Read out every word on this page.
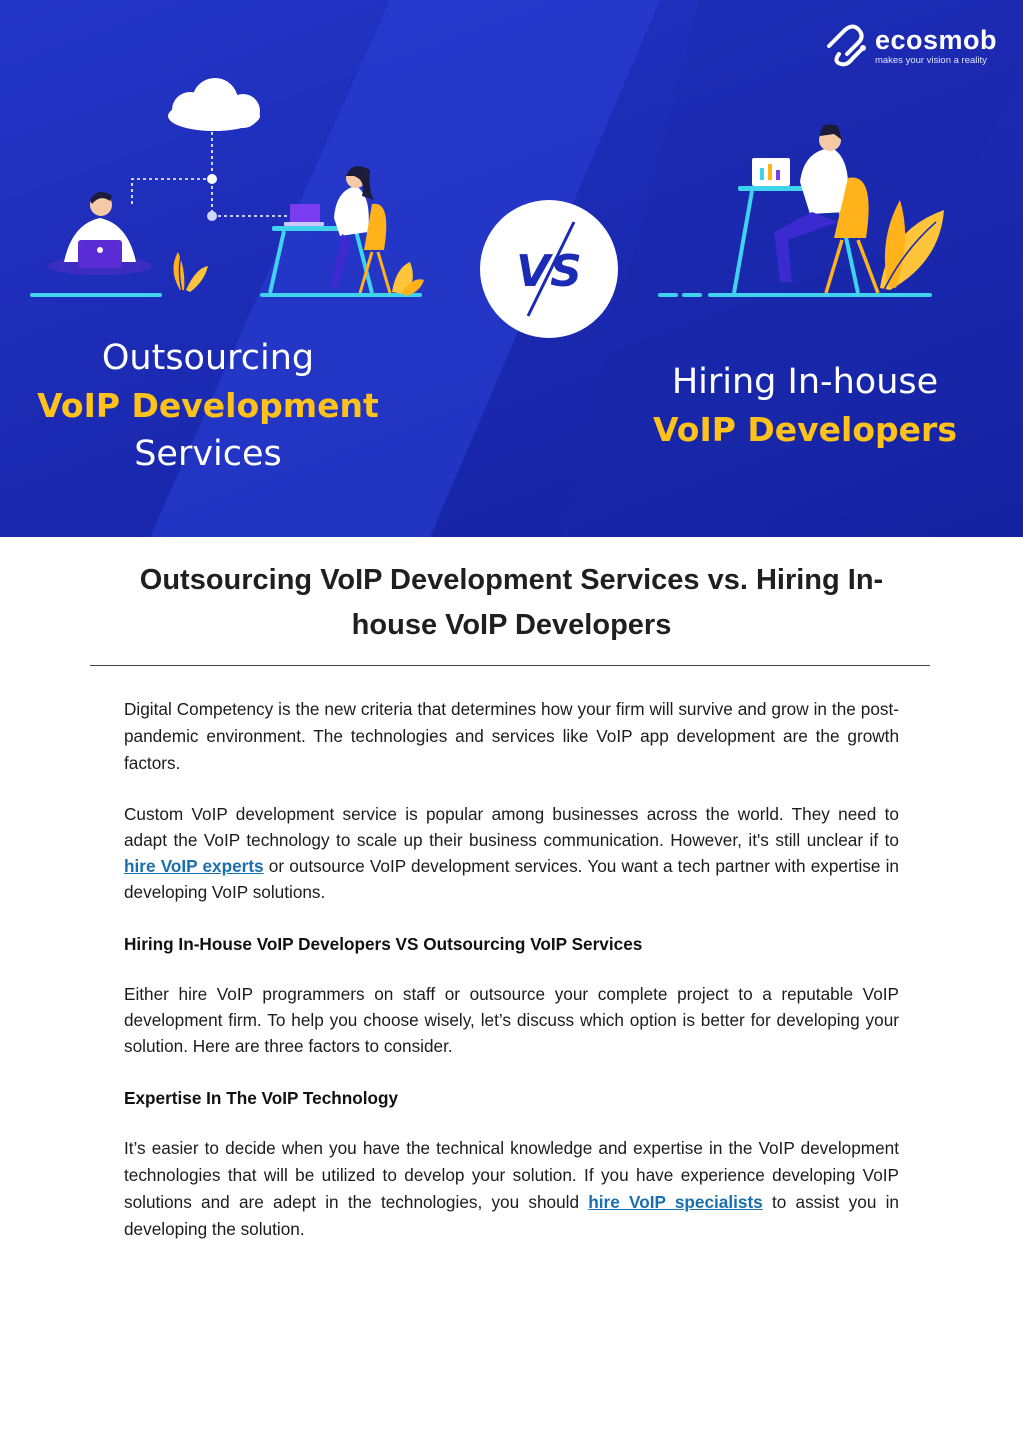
ecosmob
makes your vision a reality
Outsourcing
VoIP Development
Services
Hiring In-house
VoIP Developers
VS
Outsourcing VoIP Development Services vs. Hiring In-
house VoIP Developers

Digital Competency is the new criteria that determines how your firm will survive and grow in the post-pandemic environment. The technologies and services like VoIP app development are the growth factors.

Custom VoIP development service is popular among businesses across the world. They need to adapt the VoIP technology to scale up their business communication. However, it's still unclear if to hire VoIP experts or outsource VoIP development services. You want a tech partner with expertise in developing VoIP solutions.

Hiring In-House VoIP Developers VS Outsourcing VoIP Services

Either hire VoIP programmers on staff or outsource your complete project to a reputable VoIP development firm. To help you choose wisely, let’s discuss which option is better for developing your solution. Here are three factors to consider.

Expertise In The VoIP Technology

It’s easier to decide when you have the technical knowledge and expertise in the VoIP development technologies that will be utilized to develop your solution. If you have experience developing VoIP solutions and are adept in the technologies, you should hire VoIP specialists to assist you in developing the solution.
